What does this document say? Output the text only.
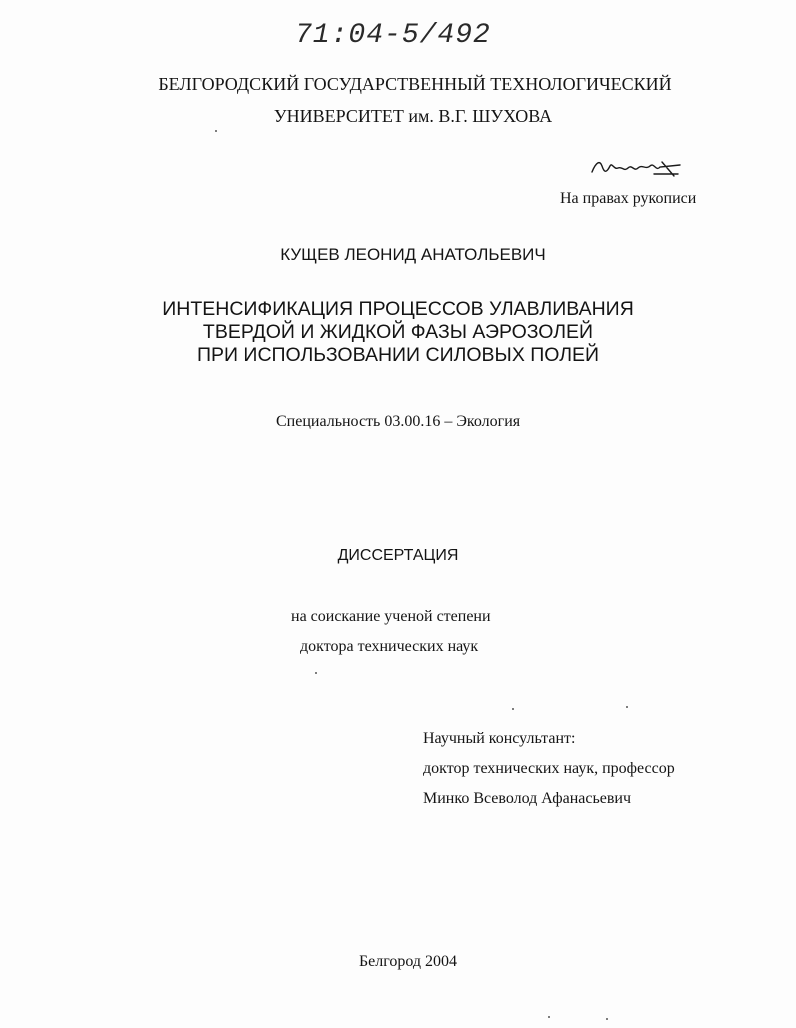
71:04-5/492
БЕЛГОРОДСКИЙ ГОСУДАРСТВЕННЫЙ ТЕХНОЛОГИЧЕСКИЙ
УНИВЕРСИТЕТ им. В.Г. ШУХОВА
На правах рукописи
КУЩЕВ ЛЕОНИД АНАТОЛЬЕВИЧ
ИНТЕНСИФИКАЦИЯ ПРОЦЕССОВ УЛАВЛИВАНИЯ
ТВЕРДОЙ И ЖИДКОЙ ФАЗЫ АЭРОЗОЛЕЙ
ПРИ ИСПОЛЬЗОВАНИИ СИЛОВЫХ ПОЛЕЙ
Специальность 03.00.16 – Экология
ДИССЕРТАЦИЯ
на соискание ученой степени
доктора технических наук
Научный консультант:
доктор технических наук, профессор
Минко Всеволод Афанасьевич
Белгород 2004
